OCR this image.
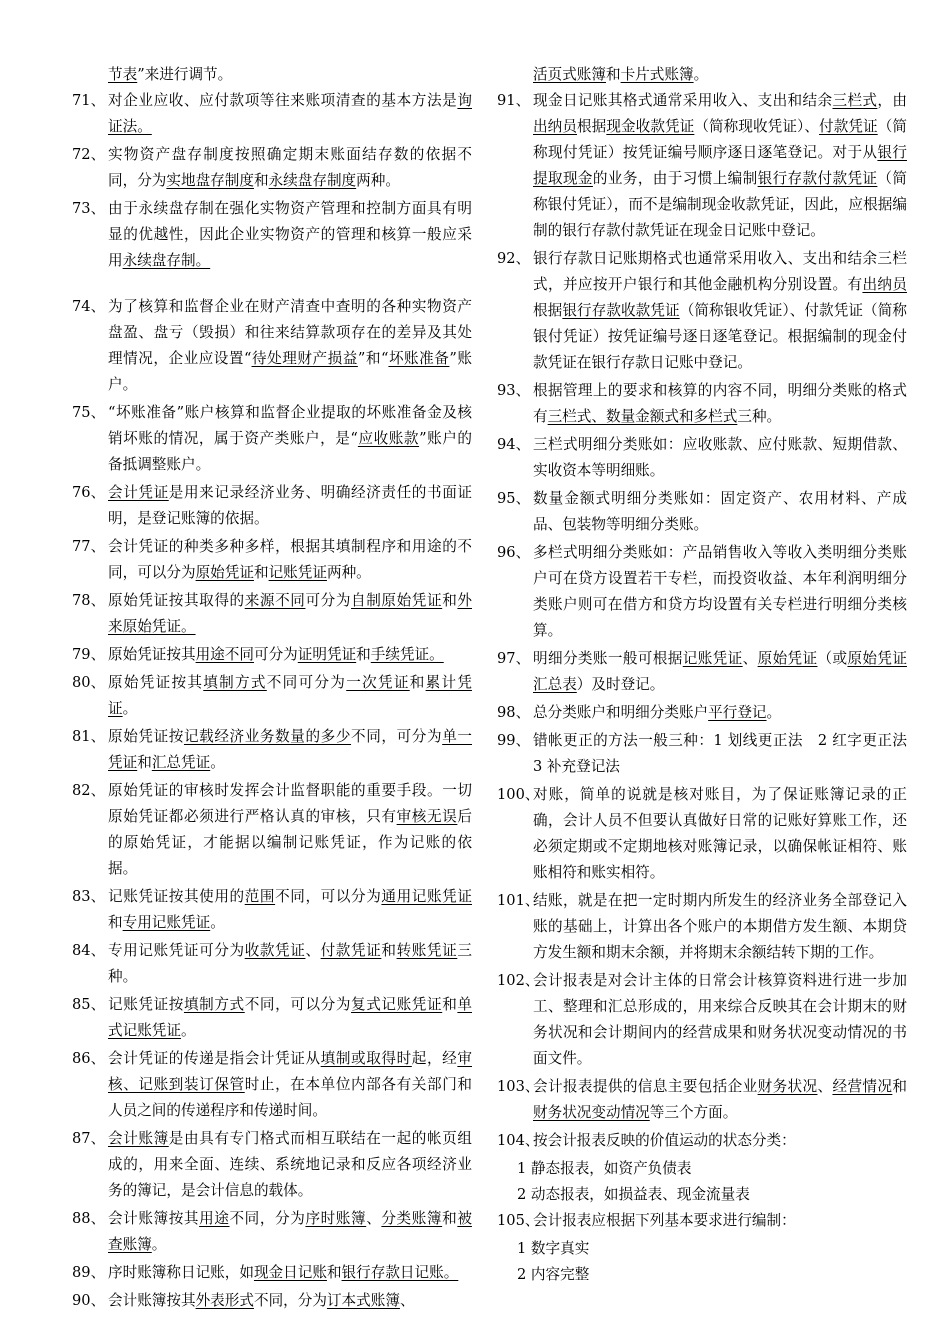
节表”来进行调节。
71、 对企业应收、应付款项等往来账项清查的基本方法是询证法。
72、 实物资产盘存制度按照确定期末账面结存数的依据不同，分为实地盘存制度和永续盘存制度两种。
73、 由于永续盘存制在强化实物资产管理和控制方面具有明显的优越性，因此企业实物资产的管理和核算一般应采用永续盘存制。
74、 为了核算和监督企业在财产清查中查明的各种实物资产盘盈、盘亏（毁损）和往来结算款项存在的差异及其处理情况，企业应设置“待处理财产损益”和“坏账准备”账户。
75、 “坏账准备”账户核算和监督企业提取的坏账准备金及核销坏账的情况，属于资产类账户，是“应收账款”账户的备抵调整账户。
76、 会计凭证是用来记录经济业务、明确经济责任的书面证明，是登记账簿的依据。
77、 会计凭证的种类多种多样，根据其填制程序和用途的不同，可以分为原始凭证和记账凭证两种。
78、 原始凭证按其取得的来源不同可分为自制原始凭证和外来原始凭证。
79、 原始凭证按其用途不同可分为证明凭证和手续凭证。
80、 原始凭证按其填制方式不同可分为一次凭证和累计凭证。
81、 原始凭证按记载经济业务数量的多少不同，可分为单一凭证和汇总凭证。
82、 原始凭证的审核时发挥会计监督职能的重要手段。一切原始凭证都必须进行严格认真的审核，只有审核无误后的原始凭证，才能据以编制记账凭证，作为记账的依据。
83、 记账凭证按其使用的范围不同，可以分为通用记账凭证和专用记账凭证。
84、 专用记账凭证可分为收款凭证、付款凭证和转账凭证三种。
85、 记账凭证按填制方式不同，可以分为复式记账凭证和单式记账凭证。
86、 会计凭证的传递是指会计凭证从填制或取得时起，经审核、记账到装订保管时止，在本单位内部各有关部门和人员之间的传递程序和传递时间。
87、 会计账簿是由具有专门格式而相互联结在一起的帐页组成的，用来全面、连续、系统地记录和反应各项经济业务的簿记，是会计信息的载体。
88、 会计账簿按其用途不同，分为序时账簿、分类账簿和被查账簿。
89、 序时账簿称日记账，如现金日记账和银行存款日记账。
90、 会计账簿按其外表形式不同，分为订本式账簿、
活页式账簿和卡片式账簿。
91、 现金日记账其格式通常采用收入、支出和结余三栏式，由出纳员根据现金收款凭证（简称现收凭证）、付款凭证（简称现付凭证）按凭证编号顺序逐日逐笔登记。对于从银行提取现金的业务，由于习惯上编制银行存款付款凭证（简称银付凭证），而不是编制现金收款凭证，因此，应根据编制的银行存款付款凭证在现金日记账中登记。
92、 银行存款日记账期格式也通常采用收入、支出和结余三栏式，并应按开户银行和其他金融机构分别设置。有出纳员根据银行存款收款凭证（简称银收凭证）、付款凭证（简称银付凭证）按凭证编号逐日逐笔登记。根据编制的现金付款凭证在银行存款日记账中登记。
93、 根据管理上的要求和核算的内容不同，明细分类账的格式有三栏式、数量金额式和多栏式三种。
94、 三栏式明细分类账如：应收账款、应付账款、短期借款、实收资本等明细账。
95、 数量金额式明细分类账如：固定资产、农用材料、产成品、包装物等明细分类账。
96、 多栏式明细分类账如：产品销售收入等收入类明细分类账户可在贷方设置若干专栏，而投资收益、本年利润明细分类账户则可在借方和贷方均设置有关专栏进行明细分类核算。
97、 明细分类账一般可根据记账凭证、原始凭证（或原始凭证汇总表）及时登记。
98、 总分类账户和明细分类账户平行登记。
99、 错帐更正的方法一般三种：1 划线更正法　2 红字更正法　3 补充登记法
100、
对账，简单的说就是核对账目，为了保证账簿记录的正确，会计人员不但要认真做好日常的记账好算账工作，还必须定期或不定期地核对账簿记录，以确保帐证相符、账账相符和账实相符。
101、
结账，就是在把一定时期内所发生的经济业务全部登记入账的基础上，计算出各个账户的本期借方发生额、本期贷方发生额和期末余额，并将期末余额结转下期的工作。
102、
会计报表是对会计主体的日常会计核算资料进行进一步加工、整理和汇总形成的，用来综合反映其在会计期末的财务状况和会计期间内的经营成果和财务状况变动情况的书面文件。
103、
会计报表提供的信息主要包括企业财务状况、经营情况和财务状况变动情况等三个方面。
104、
按会计报表反映的价值运动的状态分类：
1 静态报表，如资产负债表
2 动态报表，如损益表、现金流量表
105、
会计报表应根据下列基本要求进行编制：
1 数字真实
2 内容完整
